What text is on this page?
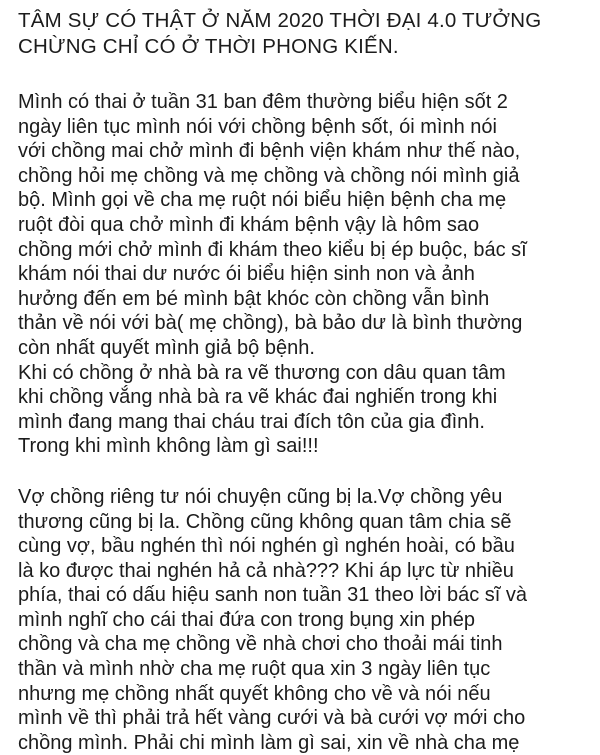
TÂM SỰ CÓ THẬT Ở NĂM 2020 THỜI ĐẠI 4.0 TƯỞNG
CHỪNG CHỈ CÓ Ở THỜI PHONG KIẾN.
Mình có thai ở tuần 31 ban đêm thường biểu hiện sốt 2
ngày liên tục mình nói với chồng bệnh sốt, ói mình nói
với chồng mai chở mình đi bệnh viện khám như thế nào,
chồng hỏi mẹ chồng và mẹ chồng và chồng nói mình giả
bộ. Mình gọi về cha mẹ ruột nói biểu hiện bệnh cha mẹ
ruột đòi qua chở mình đi khám bệnh vậy là hôm sao
chồng mới chở mình đi khám theo kiểu bị ép buộc, bác sĩ
khám nói thai dư nước ói biểu hiện sinh non và ảnh
hưởng đến em bé mình bật khóc còn chồng vẫn bình
thản về nói với bà( mẹ chồng), bà bảo dư là bình thường
còn nhất quyết mình giả bộ bệnh.
Khi có chồng ở nhà bà ra vẽ thương con dâu quan tâm
khi chồng vắng nhà bà ra vẽ khác đai nghiến trong khi
mình đang mang thai cháu trai đích tôn của gia đình.
Trong khi mình không làm gì sai!!!
Vợ chồng riêng tư nói chuyện cũng bị la.Vợ chồng yêu
thương cũng bị la. Chồng cũng không quan tâm chia sẽ
cùng vợ, bầu nghén thì nói nghén gì nghén hoài, có bầu
là ko được thai nghén hả cả nhà??? Khi áp lực từ nhiều
phía, thai có dấu hiệu sanh non tuần 31 theo lời bác sĩ và
mình nghĩ cho cái thai đứa con trong bụng xin phép
chồng và cha mẹ chồng về nhà chơi cho thoải mái tinh
thần và mình nhờ cha mẹ ruột qua xin 3 ngày liên tục
nhưng mẹ chồng nhất quyết không cho về và nói nếu
mình về thì phải trả hết vàng cưới và bà cưới vợ mới cho
chồng mình. Phải chi mình làm gì sai, xin về nhà cha mẹ
